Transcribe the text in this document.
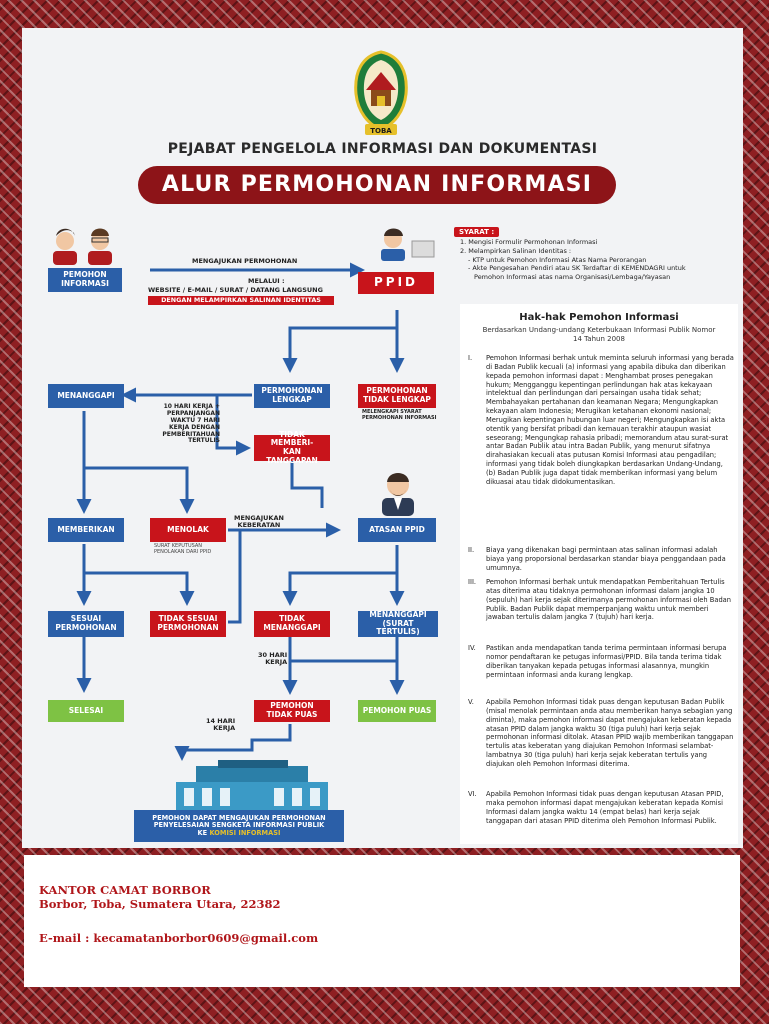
TOBA
PEJABAT PENGELOLA INFORMASI DAN DOKUMENTASI
ALUR PERMOHONAN INFORMASI
PEMOHON
INFORMASI
MENGAJUKAN PERMOHONAN
MELALUI :
WEBSITE / E-MAIL / SURAT / DATANG LANGSUNG
DENGAN MELAMPIRKAN SALINAN IDENTITAS
PPID
MENANGGAPI	PERMOHONAN
LENGKAP
PERMOHONAN
TIDAK LENGKAP
MELENGKAPI SYARAT PERMOHONAN INFORMASI
10 HARI KERJA +
PERPANJANGAN
WAKTU 7 HARI
KERJA DENGAN
PEMBERITAHUAN
TERTULIS
TIDAK MEMBERI-
KAN TANGGAPAN
MEMBERIKAN	MENOLAK
SURAT KEPUTUSAN
PENOLAKAN DARI PPID
MENGAJUKAN
KEBERATAN	ATASAN PPID
SESUAI
PERMOHONAN
TIDAK SESUAI
PERMOHONAN
TIDAK
MENANGGAPI
MENANGGAPI
(SURAT TERTULIS)
30 HARI
KERJA
SELESAI	PEMOHON
TIDAK PUAS	PEMOHON PUAS
14 HARI
KERJA
PEMOHON DAPAT MENGAJUKAN PERMOHONAN
PENYELESAIAN SENGKETA INFORMASI PUBLIK
KE KOMISI INFORMASI
SYARAT :
1. Mengisi Formulir Permohonan Informasi
2. Melampirkan Salinan Identitas :
- KTP untuk Pemohon Informasi Atas Nama Perorangan
- Akte Pengesahan Pendiri atau SK Terdaftar di KEMENDAGRI untuk
Pemohon Informasi atas nama Organisasi/Lembaga/Yayasan
Hak-hak Pemohon Informasi
Berdasarkan Undang-undang Keterbukaan Informasi Publik Nomor 14 Tahun 2008
I.	Pemohon Informasi berhak untuk meminta seluruh informasi yang berada di Badan Publik kecuali (a) informasi yang apabila dibuka dan diberikan kepada pemohon informasi dapat : Menghambat proses penegakan hukum; Mengganggu kepentingan perlindungan hak atas kekayaan intelektual dan perlindungan dari persaingan usaha tidak sehat; Membahayakan pertahanan dan keamanan Negara; Mengungkapkan kekayaan alam Indonesia; Merugikan ketahanan ekonomi nasional; Merugikan kepentingan hubungan luar negeri; Mengungkapkan isi akta otentik yang bersifat pribadi dan kemauan terakhir ataupun wasiat seseorang; Mengungkap rahasia pribadi; memorandum atau surat-surat antar Badan Publik atau intra Badan Publik, yang menurut sifatnya dirahasiakan kecuali atas putusan Komisi Informasi atau pengadilan; informasi yang tidak boleh diungkapkan berdasarkan Undang-Undang, (b) Badan Publik juga dapat tidak memberikan informasi yang belum dikuasai atau tidak didokumentasikan.
II.	Biaya yang dikenakan bagi permintaan atas salinan informasi adalah biaya yang proporsional berdasarkan standar biaya penggandaan pada umumnya.
III.	Pemohon Informasi berhak untuk mendapatkan Pemberitahuan Tertulis atas diterima atau tidaknya permohonan informasi dalam jangka 10 (sepuluh) hari kerja sejak diterimanya permohonan informasi oleh Badan Publik. Badan Publik dapat memperpanjang waktu untuk memberi jawaban tertulis dalam jangka 7 (tujuh) hari kerja.
IV.	Pastikan anda mendapatkan tanda terima permintaan informasi berupa nomor pendaftaran ke petugas informasi/PPID. Bila tanda terima tidak diberikan tanyakan kepada petugas informasi alasannya, mungkin permintaan informasi anda kurang lengkap.
V.	Apabila Pemohon Informasi tidak puas dengan keputusan Badan Publik (misal menolak permintaan anda atau memberikan hanya sebagian yang diminta), maka pemohon informasi dapat mengajukan keberatan kepada atasan PPID dalam jangka waktu 30 (tiga puluh) hari kerja sejak permohonan informasi ditolak. Atasan PPID wajib memberikan tanggapan tertulis atas keberatan yang diajukan Pemohon Informasi selambat-lambatnya 30 (tiga puluh) hari kerja sejak keberatan tertulis yang diajukan oleh Pemohon Informasi diterima.
VI.	Apabila Pemohon Informasi tidak puas dengan keputusan Atasan PPID, maka pemohon informasi dapat mengajukan keberatan kepada Komisi Informasi dalam jangka waktu 14 (empat belas) hari kerja sejak tanggapan dari atasan PPID diterima oleh Pemohon Informasi Publik.
KANTOR CAMAT BORBOR
Borbor, Toba, Sumatera Utara, 22382
E-mail : kecamatanborbor0609@gmail.com
